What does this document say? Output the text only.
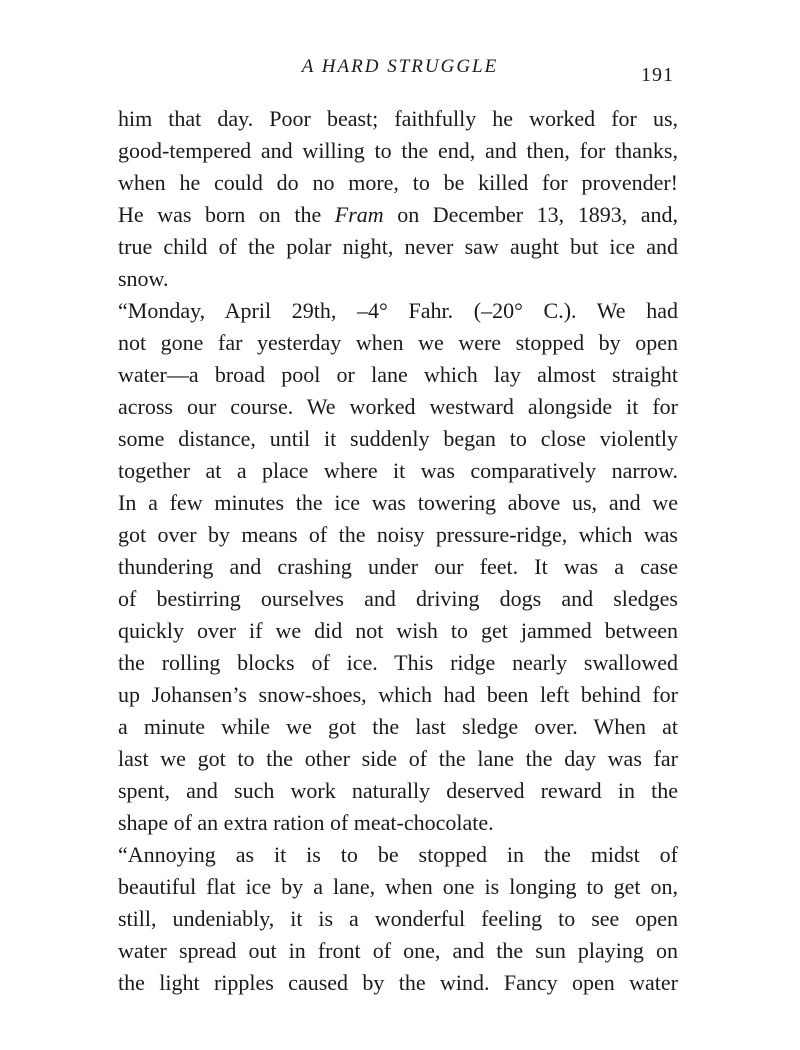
A HARD STRUGGLE	191
him that day. Poor beast; faithfully he worked for us,
good-tempered and willing to the end, and then, for thanks,
when he could do no more, to be killed for provender!
He was born on the Fram on December 13, 1893, and,
true child of the polar night, never saw aught but ice and
snow.
“Monday, April 29th, –4° Fahr. (–20° C.). We had
not gone far yesterday when we were stopped by open
water—a broad pool or lane which lay almost straight
across our course. We worked westward alongside it for
some distance, until it suddenly began to close violently
together at a place where it was comparatively narrow.
In a few minutes the ice was towering above us, and we
got over by means of the noisy pressure-ridge, which was
thundering and crashing under our feet. It was a case
of bestirring ourselves and driving dogs and sledges
quickly over if we did not wish to get jammed between
the rolling blocks of ice. This ridge nearly swallowed
up Johansen’s snow-shoes, which had been left behind for
a minute while we got the last sledge over. When at
last we got to the other side of the lane the day was far
spent, and such work naturally deserved reward in the
shape of an extra ration of meat-chocolate.
“Annoying as it is to be stopped in the midst of
beautiful flat ice by a lane, when one is longing to get on,
still, undeniably, it is a wonderful feeling to see open
water spread out in front of one, and the sun playing on
the light ripples caused by the wind. Fancy open water
